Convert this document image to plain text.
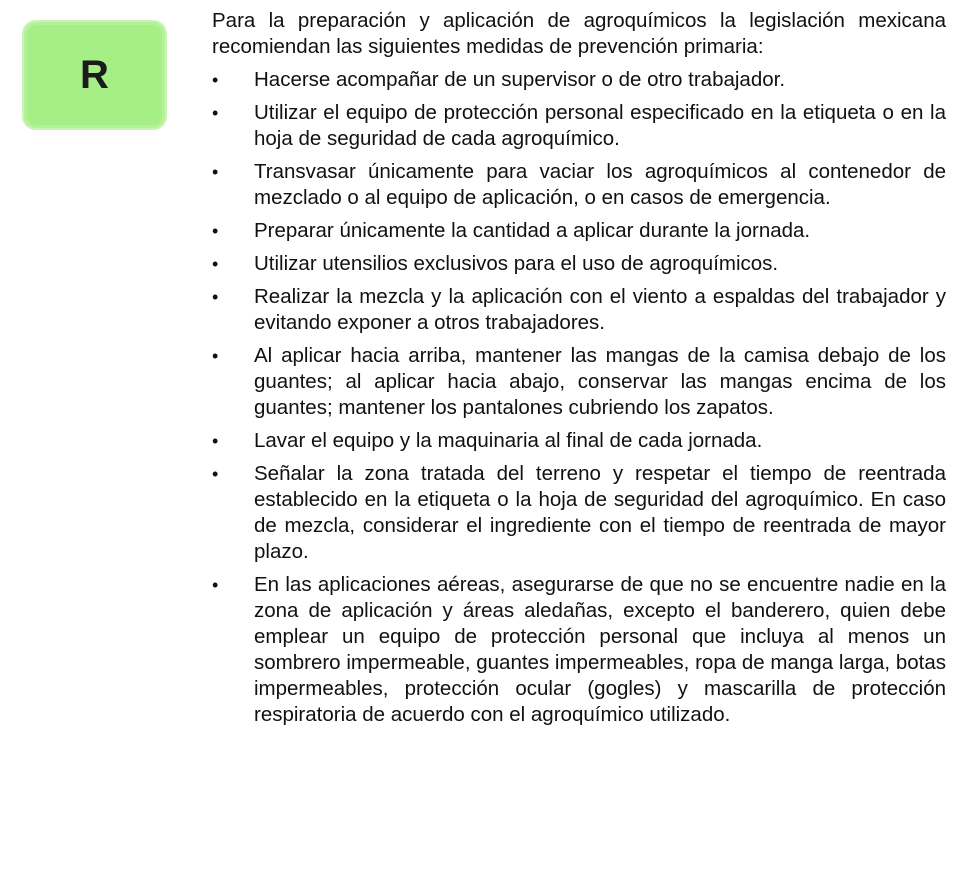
R

Para la preparación y aplicación de agroquímicos la legislación mexicana recomiendan las siguientes medidas de prevención primaria:

•	Hacerse acompañar de un supervisor o de otro trabajador.
•	Utilizar el equipo de protección personal especificado en la etiqueta o en la hoja de seguridad de cada agroquímico.
•	Transvasar únicamente para vaciar los agroquímicos al contenedor de mezclado o al equipo de aplicación, o en casos de emergencia.
•	Preparar únicamente la cantidad a aplicar durante la jornada.
•	Utilizar utensilios exclusivos para el uso de agroquímicos.
•	Realizar la mezcla y la aplicación con el viento a espaldas del trabajador y evitando exponer a otros trabajadores.
•	Al aplicar hacia arriba, mantener las mangas de la camisa debajo de los guantes; al aplicar hacia abajo, conservar las mangas encima de los guantes; mantener los pantalones cubriendo los zapatos.
•	Lavar el equipo y la maquinaria al final de cada jornada.
•	Señalar la zona tratada del terreno y respetar el tiempo de reentrada establecido en la etiqueta o la hoja de seguridad del agroquímico. En caso de mezcla, considerar el ingrediente con el tiempo de reentrada de mayor plazo.
•	En las aplicaciones aéreas, asegurarse de que no se encuentre nadie en la zona de aplicación y áreas aledañas, excepto el banderero, quien debe emplear un equipo de protección personal que incluya al menos un sombrero impermeable, guantes impermeables, ropa de manga larga, botas impermeables, protección ocular (gogles) y mascarilla de protección respiratoria de acuerdo con el agroquímico utilizado.
